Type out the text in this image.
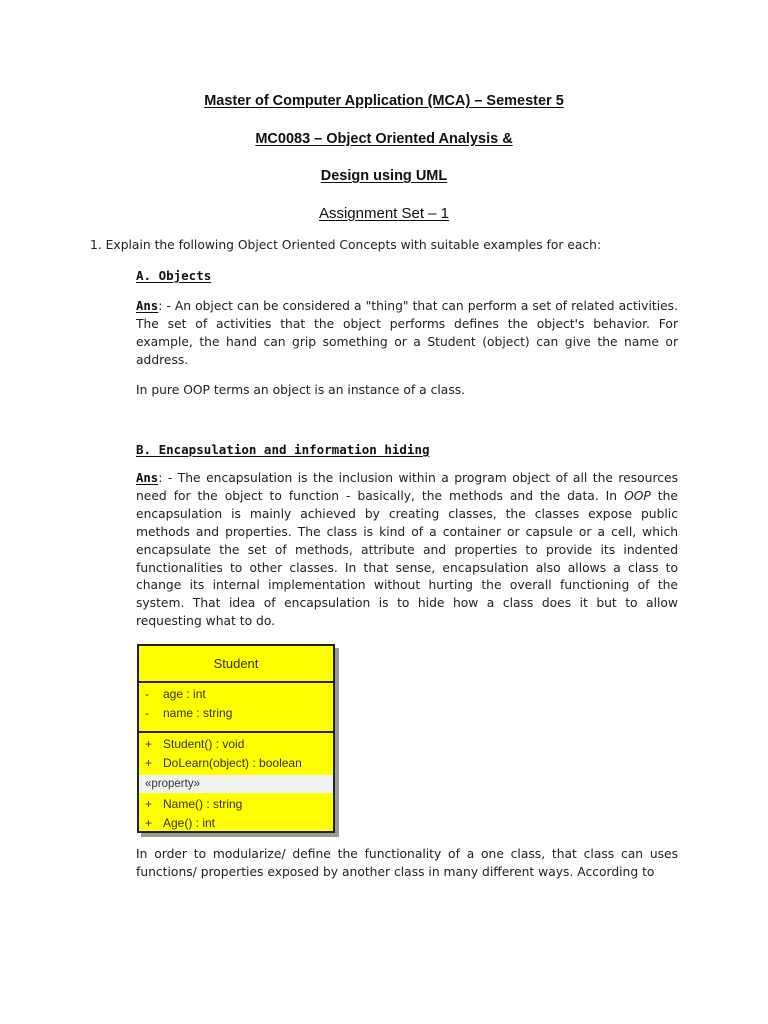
Master of Computer Application (MCA) – Semester 5
MC0083 – Object Oriented Analysis &
Design using UML
Assignment Set – 1

1. Explain the following Object Oriented Concepts with suitable examples for each:

A. Objects

Ans: - An object can be considered a "thing" that can perform a set of related activities. The set of activities that the object performs defines the object's behavior. For example, the hand can grip something or a Student (object) can give the name or address.

In pure OOP terms an object is an instance of a class.

B. Encapsulation and information hiding

Ans: - The encapsulation is the inclusion within a program object of all the resources need for the object to function - basically, the methods and the data. In OOP the encapsulation is mainly achieved by creating classes, the classes expose public methods and properties. The class is kind of a container or capsule or a cell, which encapsulate the set of methods, attribute and properties to provide its indented functionalities to other classes. In that sense, encapsulation also allows a class to change its internal implementation without hurting the overall functioning of the system. That idea of encapsulation is to hide how a class does it but to allow requesting what to do.

Student
-	age : int
-	name : string
+ Student() : void
+ DoLearn(object) : boolean
«property»
+ Name() : string
+ Age() : int

In order to modularize/ define the functionality of a one class, that class can uses functions/ properties exposed by another class in many different ways. According to
